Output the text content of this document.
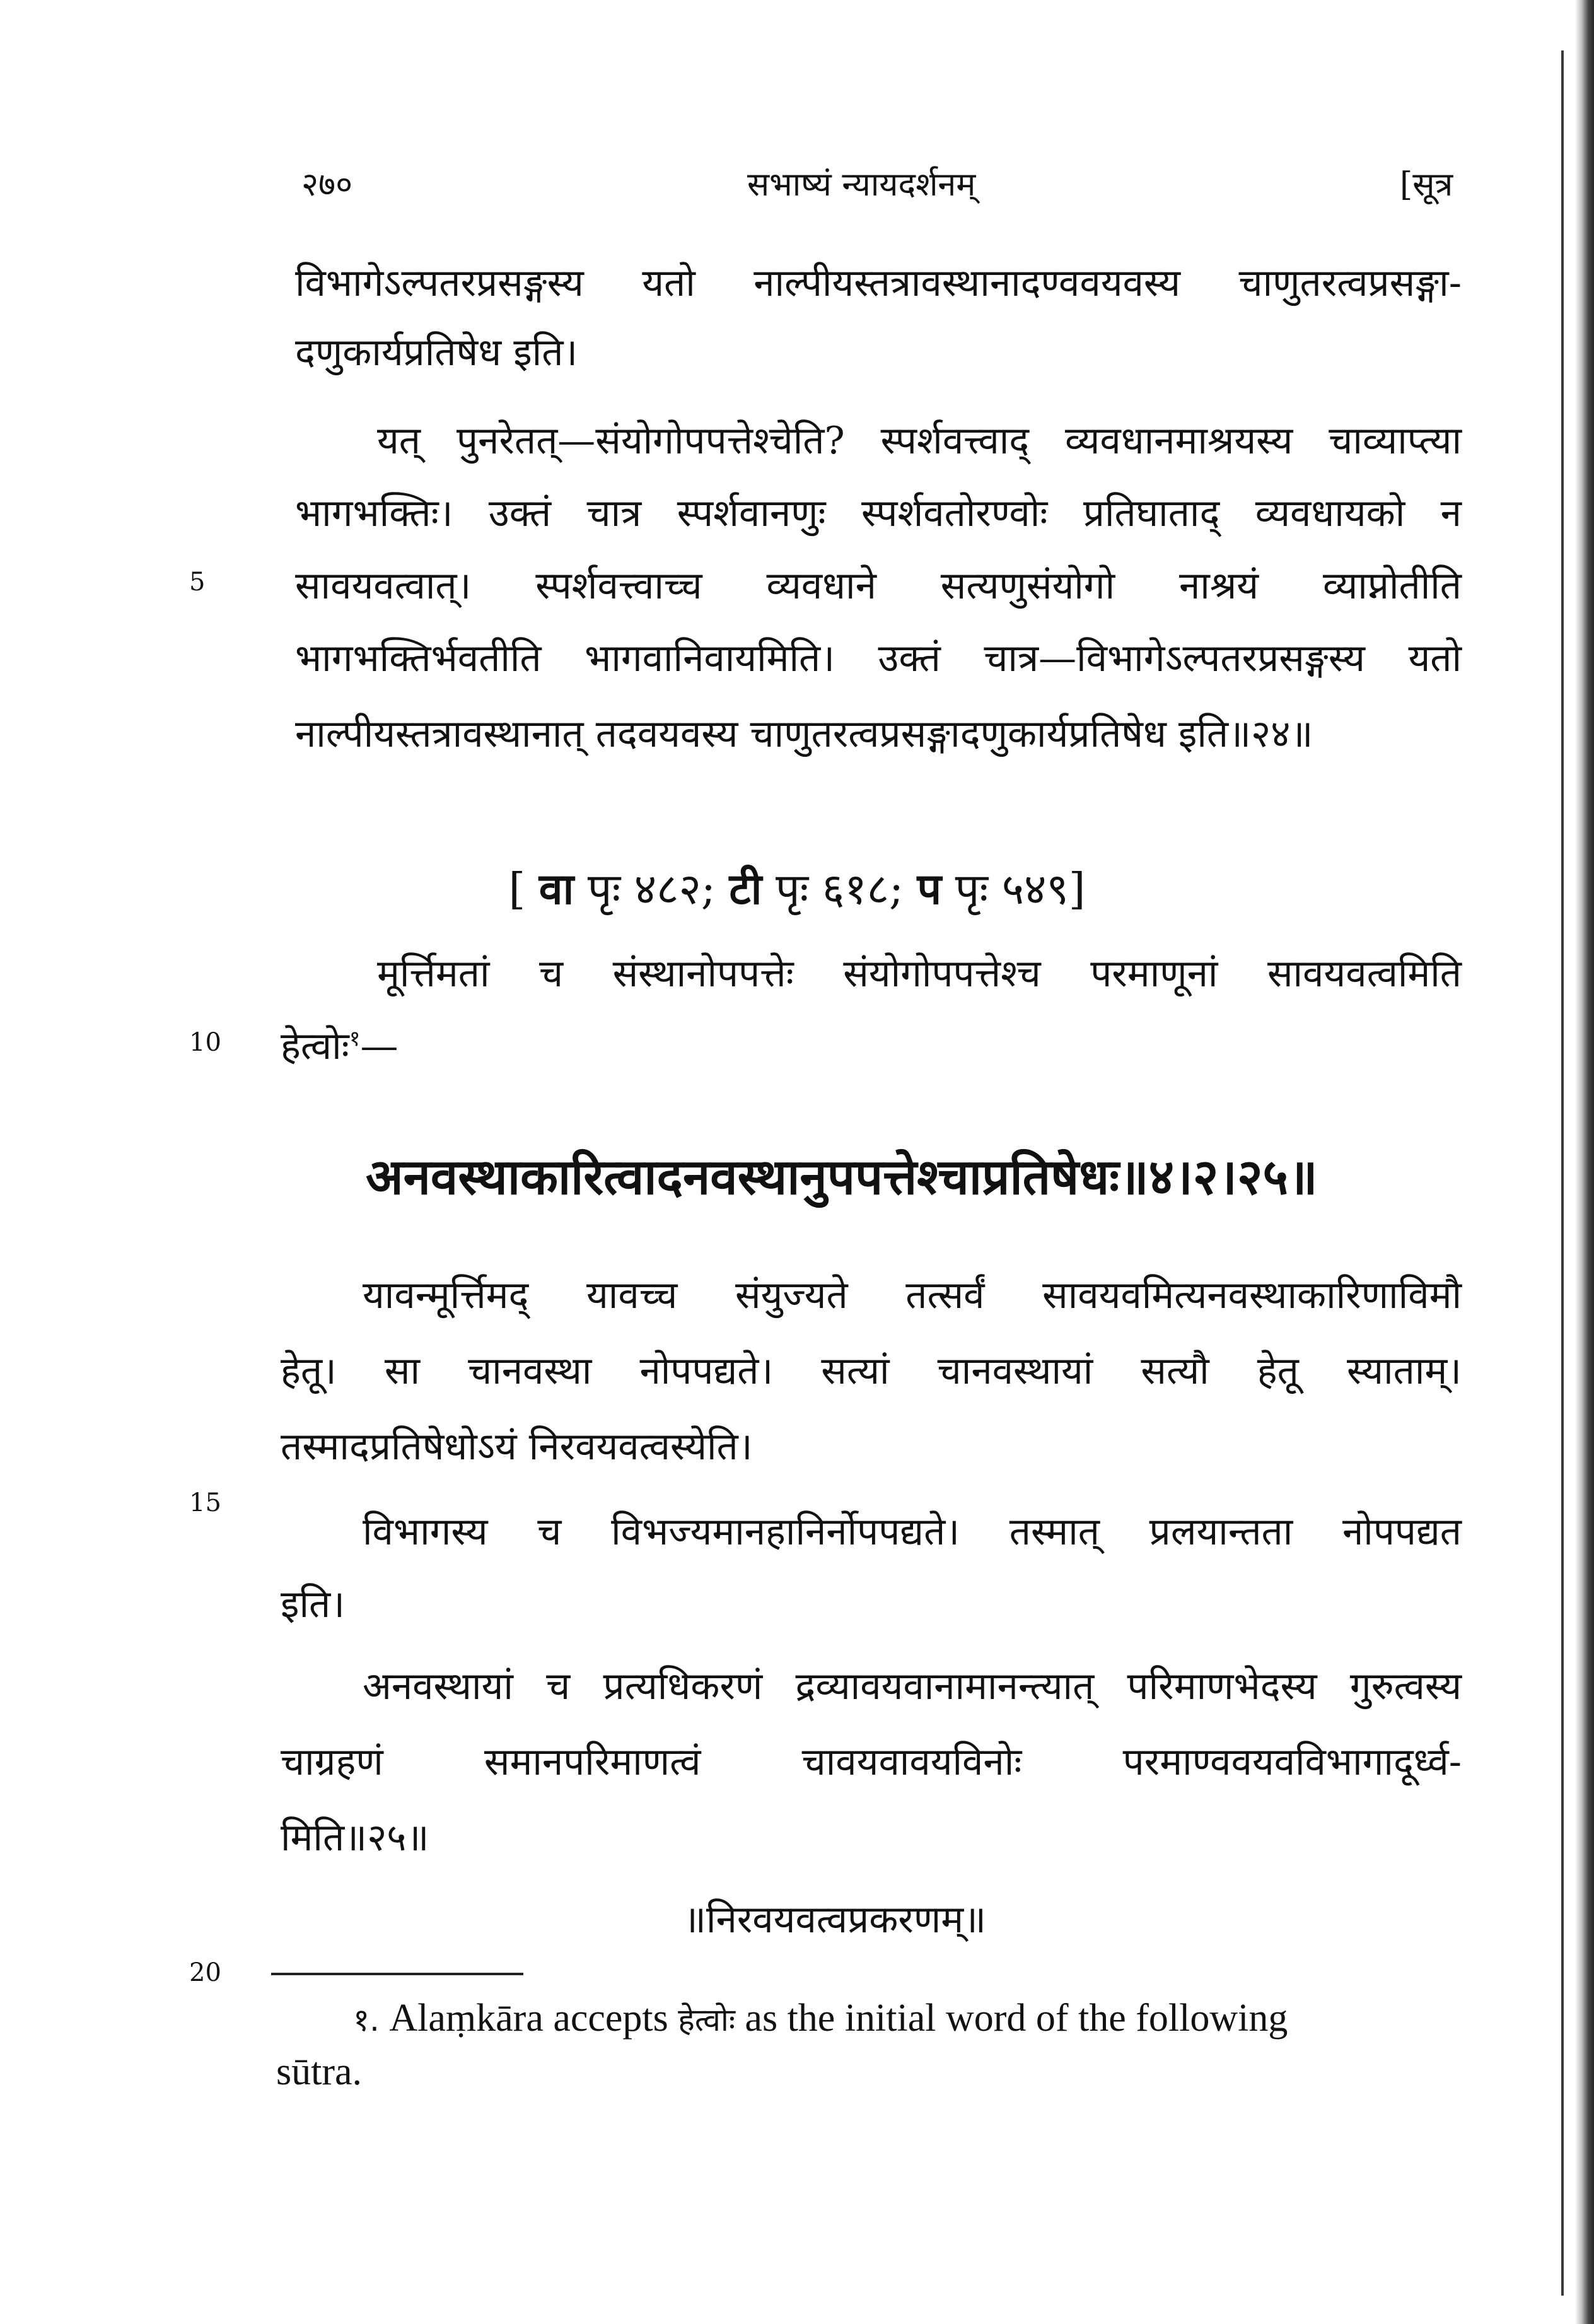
२७०	सभाष्यं न्यायदर्शनम्	[सूत्र
विभागेऽल्पतरप्रसङ्गस्य यतो नाल्पीयस्तत्रावस्थानादण्ववयवस्य चाणुतरत्वप्रसङ्गा-
दणुकार्यप्रतिषेध इति।
यत् पुनरेतत्—संयोगोपपत्तेश्चेति? स्पर्शवत्त्वाद् व्यवधानमाश्रयस्य चाव्याप्त्या
भागभक्तिः। उक्तं चात्र स्पर्शवानणुः स्पर्शवतोरण्वोः प्रतिघाताद् व्यवधायको न
5 सावयवत्वात्। स्पर्शवत्त्वाच्च व्यवधाने सत्यणुसंयोगो नाश्रयं व्याप्नोतीति
भागभक्तिर्भवतीति भागवानिवायमिति। उक्तं चात्र—विभागेऽल्पतरप्रसङ्गस्य यतो
नाल्पीयस्तत्रावस्थानात् तदवयवस्य चाणुतरत्वप्रसङ्गादणुकार्यप्रतिषेध इति॥२४॥
[ वा पृः ४८२; टी पृः ६१८; प पृः ५४९]
मूर्त्तिमतां च संस्थानोपपत्तेः संयोगोपपत्तेश्च परमाणूनां सावयवत्वमिति
10 हेत्वोः$^१$—
अनवस्थाकारित्वादनवस्थानुपपत्तेश्चाप्रतिषेधः॥४।२।२५॥
यावन्मूर्त्तिमद् यावच्च संयुज्यते तत्सर्वं सावयवमित्यनवस्थाकारिणाविमौ
हेतू। सा चानवस्था नोपपद्यते। सत्यां चानवस्थायां सत्यौ हेतू स्याताम्।
तस्मादप्रतिषेधोऽयं निरवयवत्वस्येति।
15
विभागस्य च विभज्यमानहानिर्नोपपद्यते। तस्मात् प्रलयान्तता नोपपद्यत
इति।
अनवस्थायां च प्रत्यधिकरणं द्रव्यावयवानामानन्त्यात् परिमाणभेदस्य गुरुत्वस्य
चाग्रहणं समानपरिमाणत्वं चावयवावयविनोः परमाण्ववयवविभागादूर्ध्व-
मिति॥२५॥
॥निरवयवत्वप्रकरणम्॥
20
१. Alaṃkāra accepts हेत्वोः as the initial word of the following
sūtra.
